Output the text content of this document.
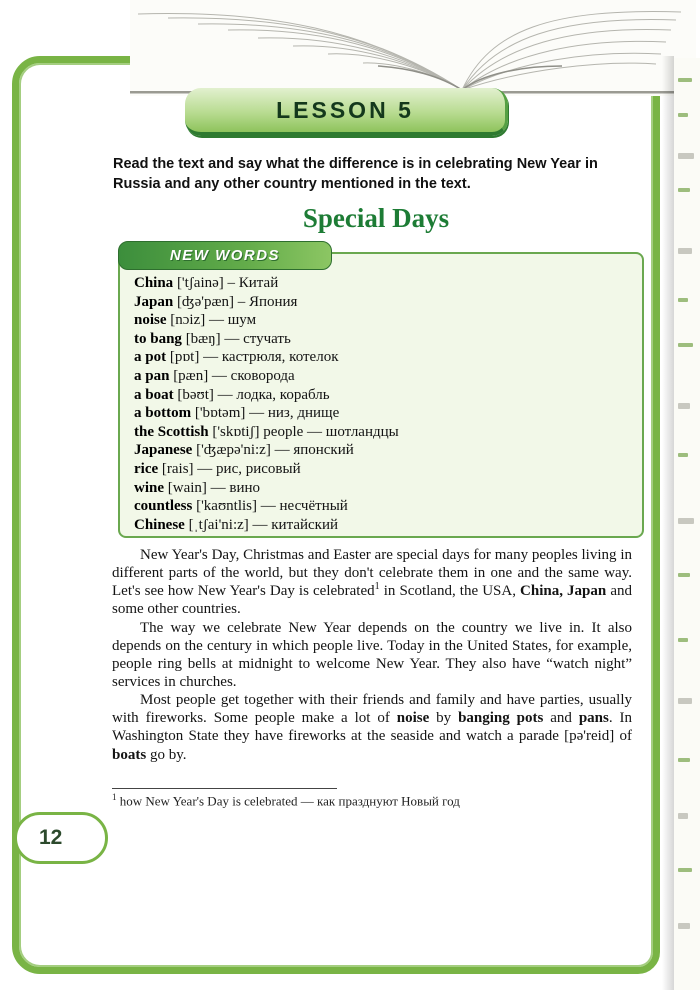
LESSON 5

Read the text and say what the difference is in celebrating New Year in Russia and any other country mentioned in the text.

Special Days
NEW WORDS
China ['tʃainə] – Китай
Japan [ʤə'pæn] – Япония
noise [nɔiz] — шум
to bang [bæŋ] — стучать
a pot [pɒt] — кастрюля, котелок
a pan [pæn] — сковорода
a boat [bəʊt] — лодка, корабль
a bottom ['bɒtəm] — низ, днище
the Scottish ['skɒtiʃ] people — шотландцы
Japanese ['ʤæpə'ni:z] — японский
rice [rais] — рис, рисовый
wine [wain] — вино
countless ['kaʊntlis] — несчётный
Chinese [ˌtʃai'ni:z] — китайский

New Year's Day, Christmas and Easter are special days for many peoples living in different parts of the world, but they don't celebrate them in one and the same way. Let's see how New Year's Day is celebrated$^1$ in Scotland, the USA, China, Japan and some other countries.

The way we celebrate New Year depends on the country we live in. It also depends on the century in which people live. Today in the United States, for example, people ring bells at midnight to welcome New Year. They also have “watch night” services in churches.

Most people get together with their friends and family and have parties, usually with fireworks. Some people make a lot of noise by banging pots and pans. In Washington State they have fireworks at the seaside and watch a parade [pə'reid] of boats go by.

$^1$ how New Year's Day is celebrated — как празднуют Новый год

12
